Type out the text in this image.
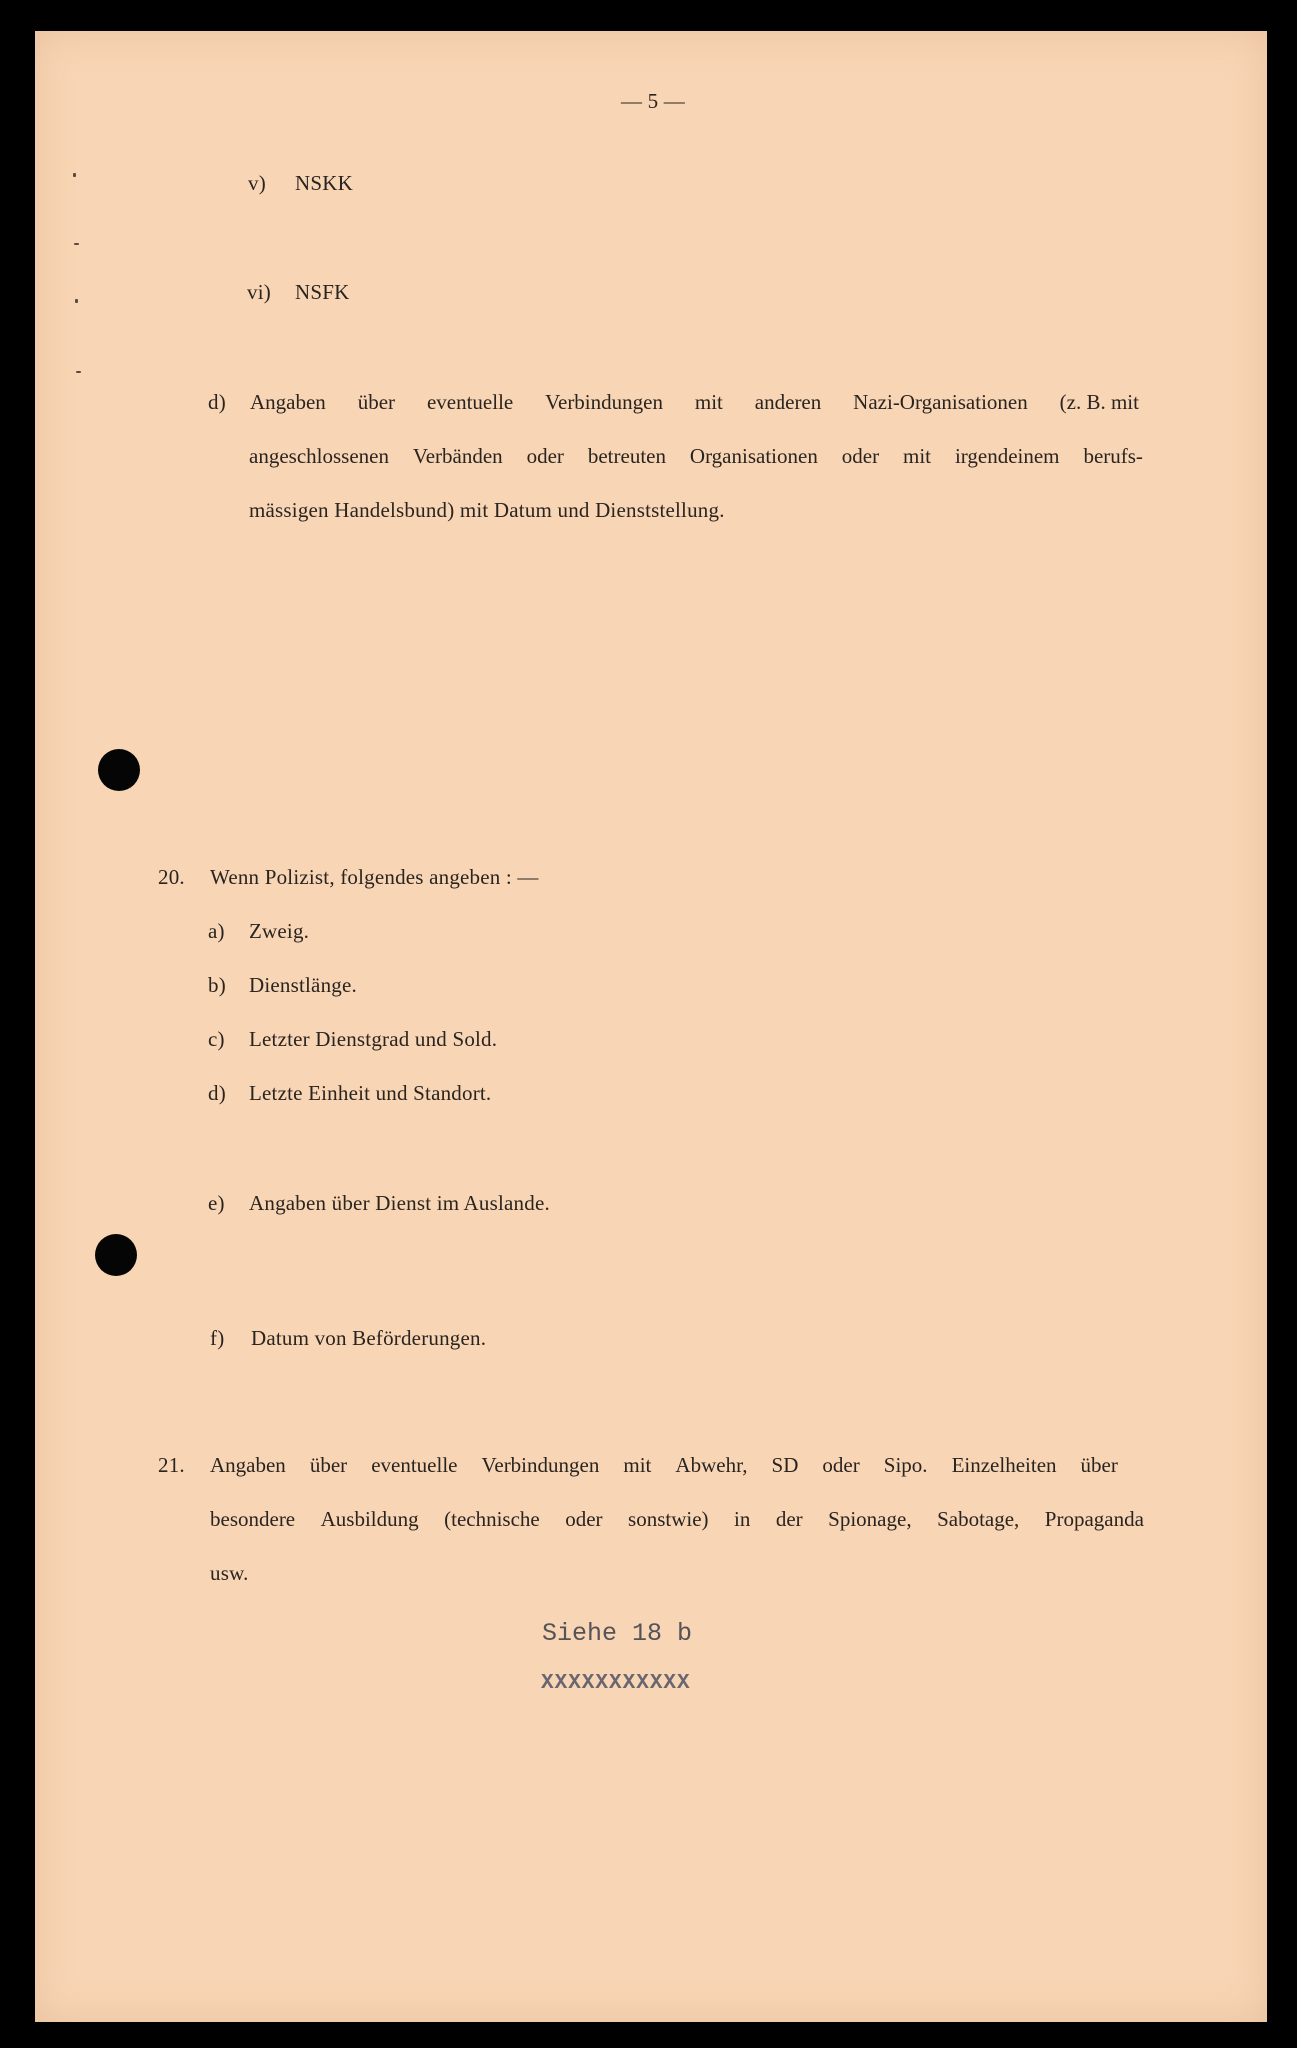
— 5 —
v) NSKK
vi) NSFK
d) Angaben über eventuelle Verbindungen mit anderen Nazi-Organisationen (z. B. mit
angeschlossenen Verbänden oder betreuten Organisationen oder mit irgendeinem berufs-
mässigen Handelsbund) mit Datum und Dienststellung.
20. Wenn Polizist, folgendes angeben : —
a) Zweig.
b) Dienstlänge.
c) Letzter Dienstgrad und Sold.
d) Letzte Einheit und Standort.
e) Angaben über Dienst im Auslande.
f) Datum von Beförderungen.
21. Angaben über eventuelle Verbindungen mit Abwehr, SD oder Sipo. Einzelheiten über
besondere Ausbildung (technische oder sonstwie) in der Spionage, Sabotage, Propaganda
usw.
Siehe 18 b
XXXXXXXXXXX
